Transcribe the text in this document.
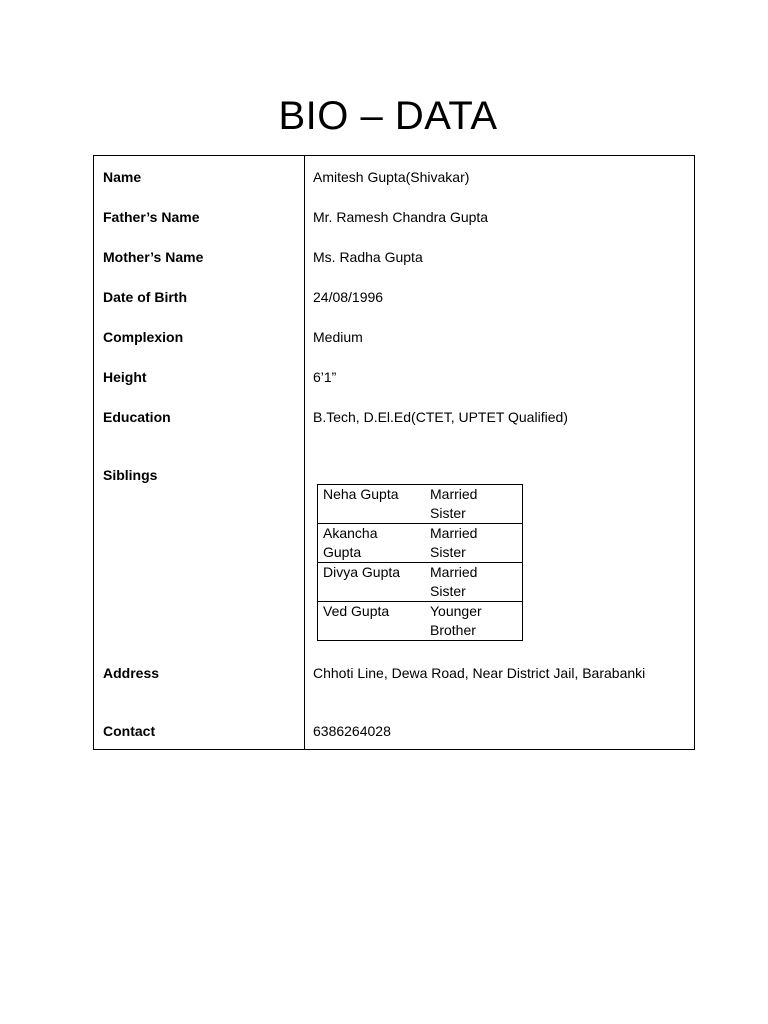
BIO – DATA
Name	Amitesh Gupta(Shivakar)
Father’s Name	Mr. Ramesh Chandra Gupta
Mother’s Name	Ms. Radha Gupta
Date of Birth	24/08/1996
Complexion	Medium
Height	6’1”
Education	B.Tech, D.El.Ed(CTET, UPTET Qualified)
Siblings
Neha Gupta	Married
Sister

Akancha
Gupta	Married
Sister

Divya Gupta	Married
Sister

Ved Gupta	Younger
Brother
Address	Chhoti Line, Dewa Road, Near District Jail, Barabanki
Contact	6386264028
